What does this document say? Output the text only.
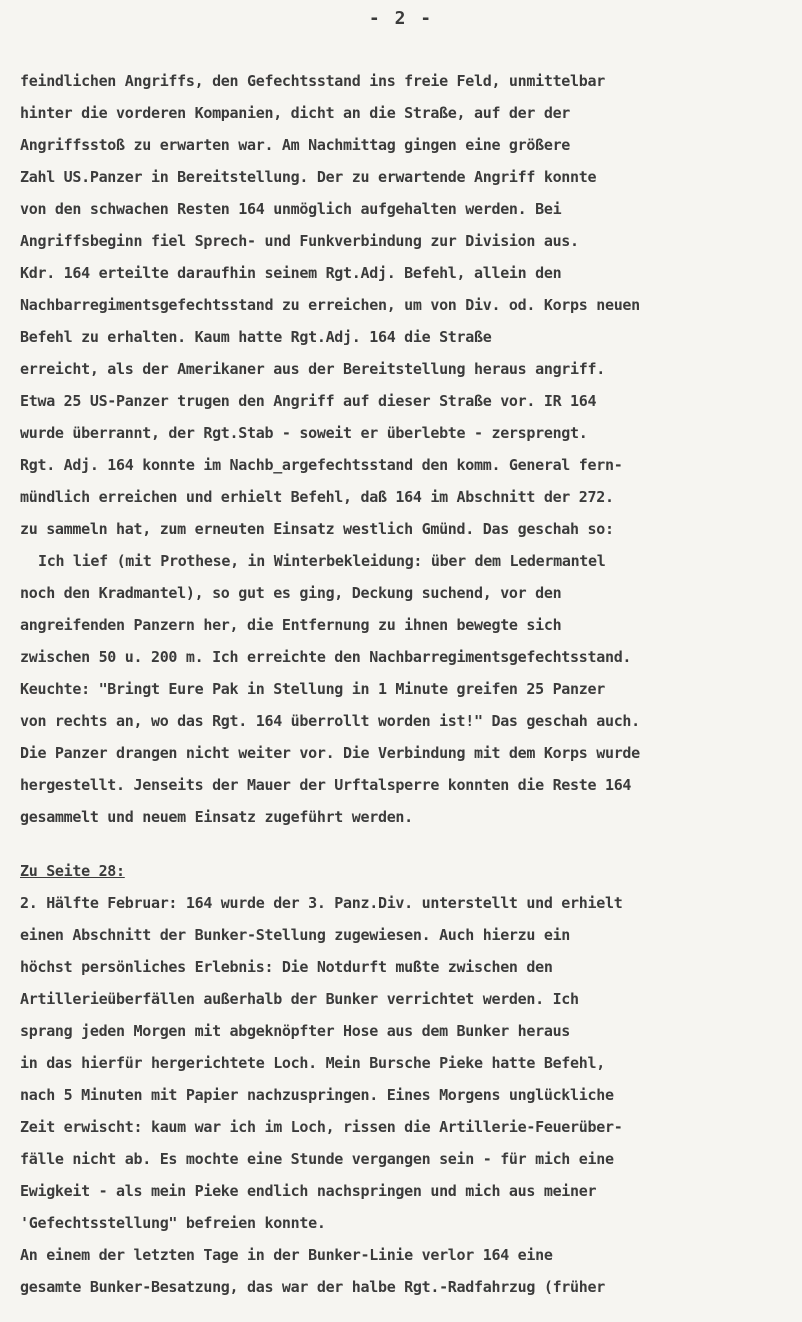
- 2 -
feindlichen Angriffs, den Gefechtsstand ins freie Feld, unmittelbar
hinter die vorderen Kompanien, dicht an die Straße, auf der der
Angriffsstoß zu erwarten war. Am Nachmittag gingen eine größere
Zahl US.Panzer in Bereitstellung. Der zu erwartende Angriff konnte
von den schwachen Resten 164 unmöglich aufgehalten werden. Bei
Angriffsbeginn fiel Sprech- und Funkverbindung zur Division aus.
Kdr. 164 erteilte daraufhin seinem Rgt.Adj. Befehl, allein den
Nachbarregimentsgefechtsstand zu erreichen, um von Div. od. Korps neuen
Befehl zu erhalten. Kaum hatte Rgt.Adj. 164 die Straße
erreicht, als der Amerikaner aus der Bereitstellung heraus angriff.
Etwa 25 US-Panzer trugen den Angriff auf dieser Straße vor. IR 164
wurde überrannt, der Rgt.Stab - soweit er überlebte - zersprengt.
Rgt. Adj. 164 konnte im Nachb_argefechtsstand den komm. General fern-
mündlich erreichen und erhielt Befehl, daß 164 im Abschnitt der 272.
zu sammeln hat, zum erneuten Einsatz westlich Gmünd. Das geschah so:
Ich lief (mit Prothese, in Winterbekleidung: über dem Ledermantel
noch den Kradmantel), so gut es ging, Deckung suchend, vor den
angreifenden Panzern her, die Entfernung zu ihnen bewegte sich
zwischen 50 u. 200 m. Ich erreichte den Nachbarregimentsgefechtsstand.
Keuchte: "Bringt Eure Pak in Stellung in 1 Minute greifen 25 Panzer
von rechts an, wo das Rgt. 164 überrollt worden ist!" Das geschah auch.
Die Panzer drangen nicht weiter vor. Die Verbindung mit dem Korps wurde
hergestellt. Jenseits der Mauer der Urftalsperre konnten die Reste 164
gesammelt und neuem Einsatz zugeführt werden.
Zu Seite 28:
2. Hälfte Februar: 164 wurde der 3. Panz.Div. unterstellt und erhielt
einen Abschnitt der Bunker-Stellung zugewiesen. Auch hierzu ein
höchst persönliches Erlebnis: Die Notdurft mußte zwischen den
Artillerieüberfällen außerhalb der Bunker verrichtet werden. Ich
sprang jeden Morgen mit abgeknöpfter Hose aus dem Bunker heraus
in das hierfür hergerichtete Loch. Mein Bursche Pieke hatte Befehl,
nach 5 Minuten mit Papier nachzuspringen. Eines Morgens unglückliche
Zeit erwischt: kaum war ich im Loch, rissen die Artillerie-Feuerüber-
fälle nicht ab. Es mochte eine Stunde vergangen sein - für mich eine
Ewigkeit - als mein Pieke endlich nachspringen und mich aus meiner
'Gefechtsstellung" befreien konnte.
An einem der letzten Tage in der Bunker-Linie verlor 164 eine
gesamte Bunker-Besatzung, das war der halbe Rgt.-Radfahrzug (früher
